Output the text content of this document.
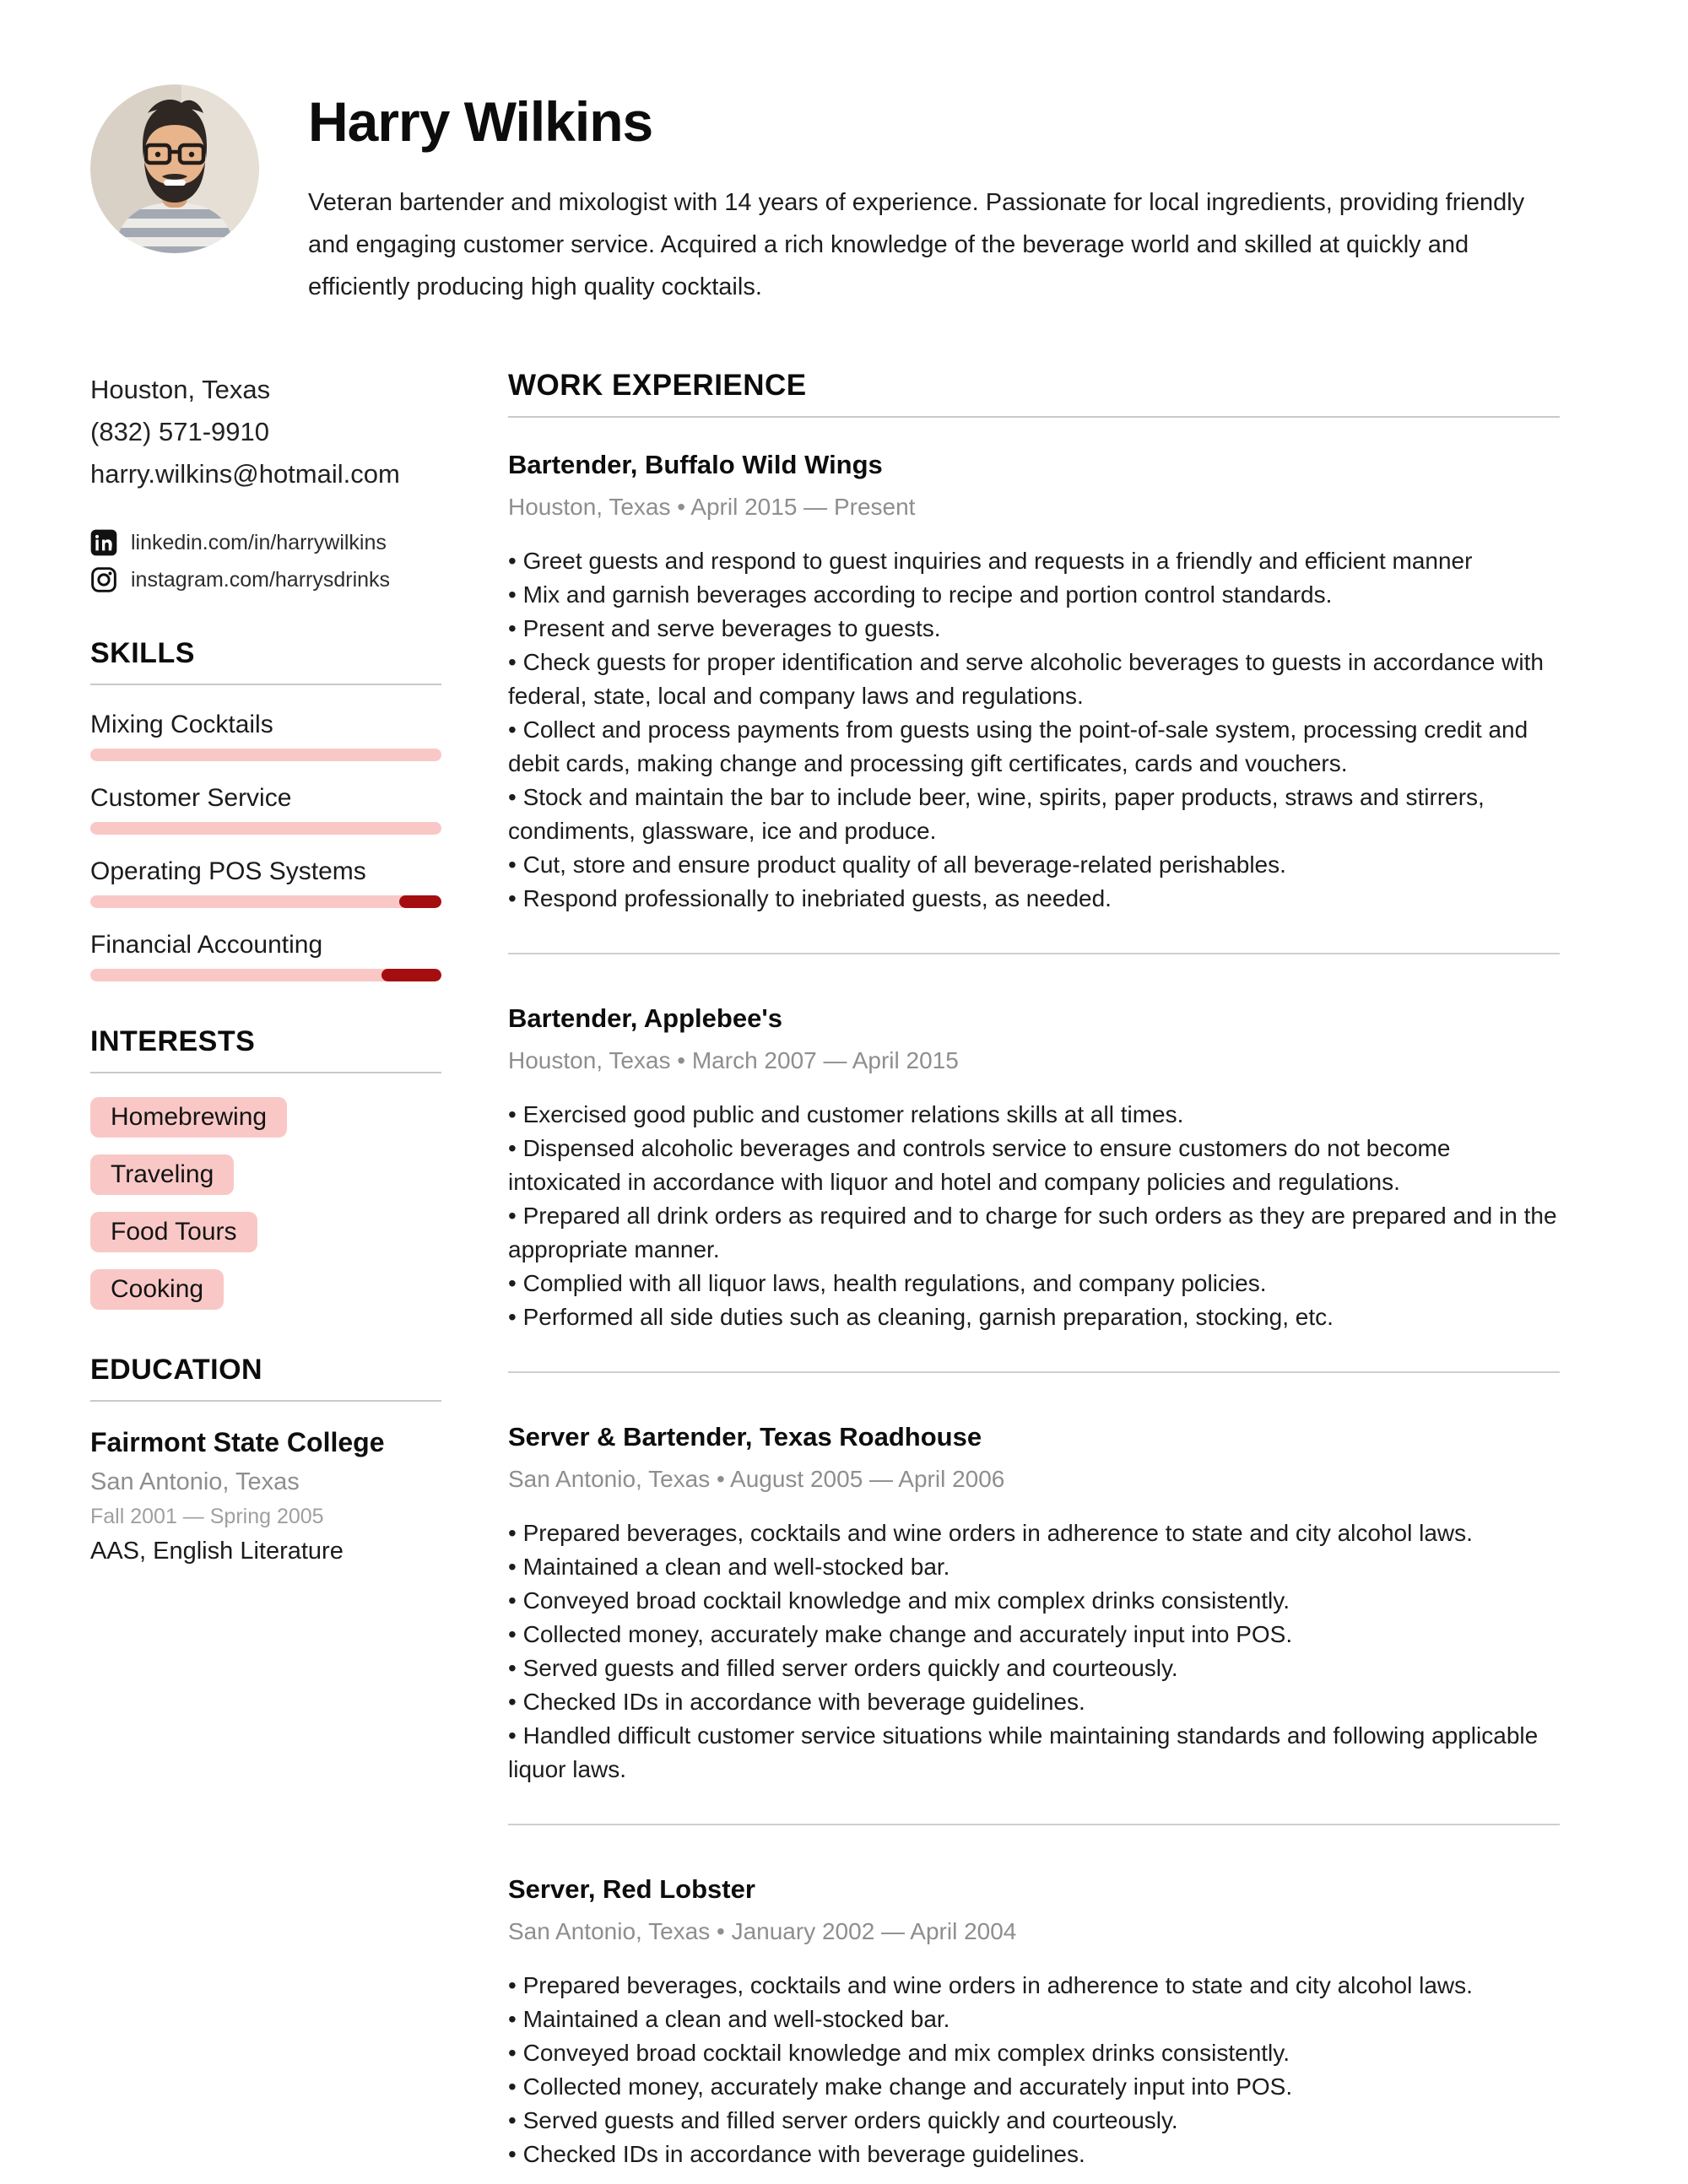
Harry Wilkins

Veteran bartender and mixologist with 14 years of experience. Passionate for local ingredients, providing friendly and engaging customer service. Acquired a rich knowledge of the beverage world and skilled at quickly and efficiently producing high quality cocktails.

Houston, Texas
(832) 571-9910
harry.wilkins@hotmail.com
linkedin.com/in/harrywilkins
instagram.com/harrysdrinks
SKILLS
Mixing Cocktails
Customer Service
Operating POS Systems
Financial Accounting
INTERESTS
Homebrewing
Traveling
Food Tours
Cooking
EDUCATION
Fairmont State College
San Antonio, Texas
Fall 2001 — Spring 2005
AAS, English Literature
WORK EXPERIENCE
Bartender, Buffalo Wild Wings
Houston, Texas • April 2015 — Present
• Greet guests and respond to guest inquiries and requests in a friendly and efficient manner
• Mix and garnish beverages according to recipe and portion control standards.
• Present and serve beverages to guests.
• Check guests for proper identification and serve alcoholic beverages to guests in accordance with federal, state, local and company laws and regulations.
• Collect and process payments from guests using the point-of-sale system, processing credit and debit cards, making change and processing gift certificates, cards and vouchers.
• Stock and maintain the bar to include beer, wine, spirits, paper products, straws and stirrers, condiments, glassware, ice and produce.
• Cut, store and ensure product quality of all beverage-related perishables.
• Respond professionally to inebriated guests, as needed.
Bartender, Applebee's
Houston, Texas • March 2007 — April 2015
• Exercised good public and customer relations skills at all times.
• Dispensed alcoholic beverages and controls service to ensure customers do not become intoxicated in accordance with liquor and hotel and company policies and regulations.
• Prepared all drink orders as required and to charge for such orders as they are prepared and in the appropriate manner.
• Complied with all liquor laws, health regulations, and company policies.
• Performed all side duties such as cleaning, garnish preparation, stocking, etc.
Server & Bartender, Texas Roadhouse
San Antonio, Texas • August 2005 — April 2006
• Prepared beverages, cocktails and wine orders in adherence to state and city alcohol laws.
• Maintained a clean and well-stocked bar.
• Conveyed broad cocktail knowledge and mix complex drinks consistently.
• Collected money, accurately make change and accurately input into POS.
• Served guests and filled server orders quickly and courteously.
• Checked IDs in accordance with beverage guidelines.
• Handled difficult customer service situations while maintaining standards and following applicable liquor laws.
Server, Red Lobster
San Antonio, Texas • January 2002 — April 2004
• Prepared beverages, cocktails and wine orders in adherence to state and city alcohol laws.
• Maintained a clean and well-stocked bar.
• Conveyed broad cocktail knowledge and mix complex drinks consistently.
• Collected money, accurately make change and accurately input into POS.
• Served guests and filled server orders quickly and courteously.
• Checked IDs in accordance with beverage guidelines.
